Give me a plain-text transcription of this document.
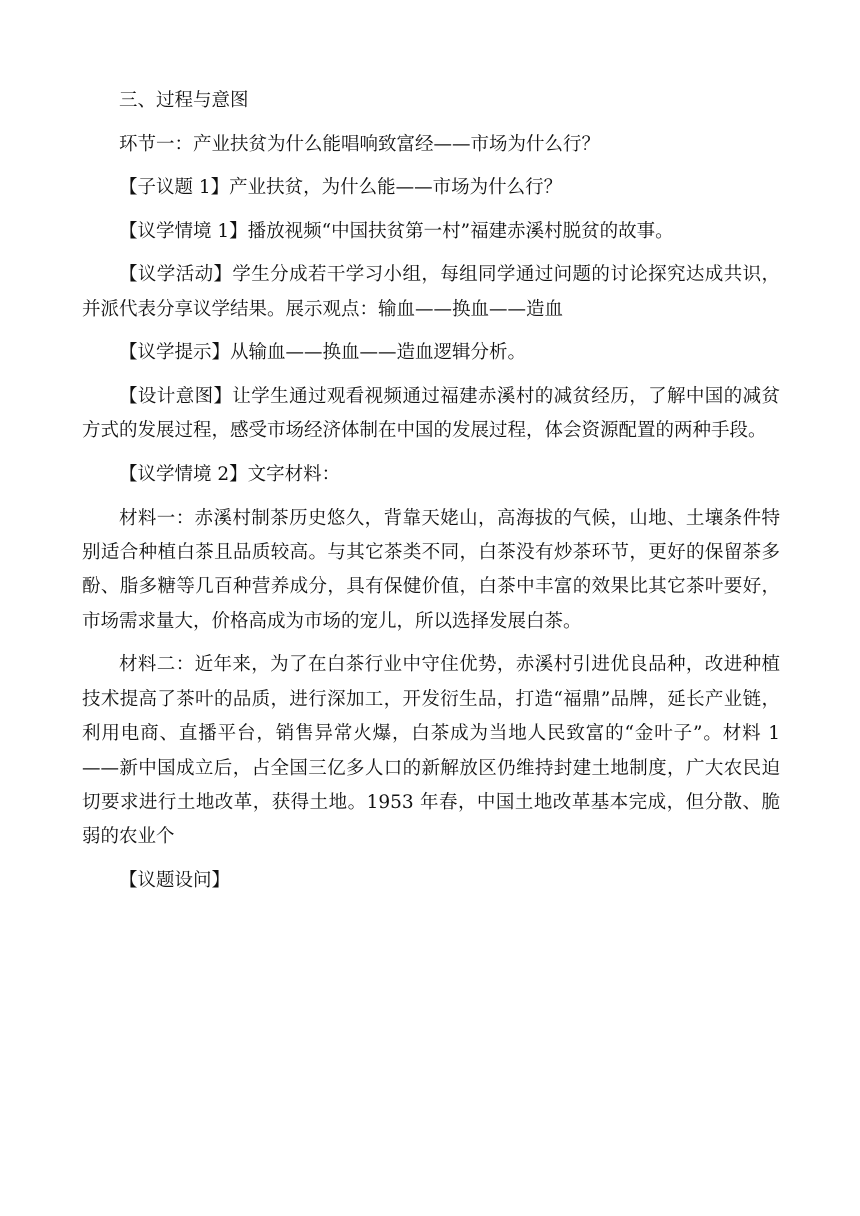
三、过程与意图

环节一：产业扶贫为什么能唱响致富经——市场为什么行？

【子议题 1】产业扶贫，为什么能——市场为什么行？

【议学情境 1】播放视频“中国扶贫第一村”福建赤溪村脱贫的故事。

【议学活动】学生分成若干学习小组，每组同学通过问题的讨论探究达成共识，并派代表分享议学结果。展示观点：输血——换血——造血

【议学提示】从输血——换血——造血逻辑分析。

【设计意图】让学生通过观看视频通过福建赤溪村的减贫经历，了解中国的减贫方式的发展过程，感受市场经济体制在中国的发展过程，体会资源配置的两种手段。

【议学情境 2】文字材料：

材料一：赤溪村制茶历史悠久，背靠天姥山，高海拔的气候，山地、土壤条件特别适合种植白茶且品质较高。与其它茶类不同，白茶没有炒茶环节，更好的保留茶多酚、脂多糖等几百种营养成分，具有保健价值，白茶中丰富的效果比其它茶叶要好，市场需求量大，价格高成为市场的宠儿，所以选择发展白茶。

材料二：近年来，为了在白茶行业中守住优势，赤溪村引进优良品种，改进种植技术提高了茶叶的品质，进行深加工，开发衍生品，打造“福鼎”品牌，延长产业链，利用电商、直播平台，销售异常火爆，白茶成为当地人民致富的“金叶子”。材料 1——新中国成立后，占全国三亿多人口的新解放区仍维持封建土地制度，广大农民迫切要求进行土地改革，获得土地。1953 年春，中国土地改革基本完成，但分散、脆弱的农业个

【议题设问】
